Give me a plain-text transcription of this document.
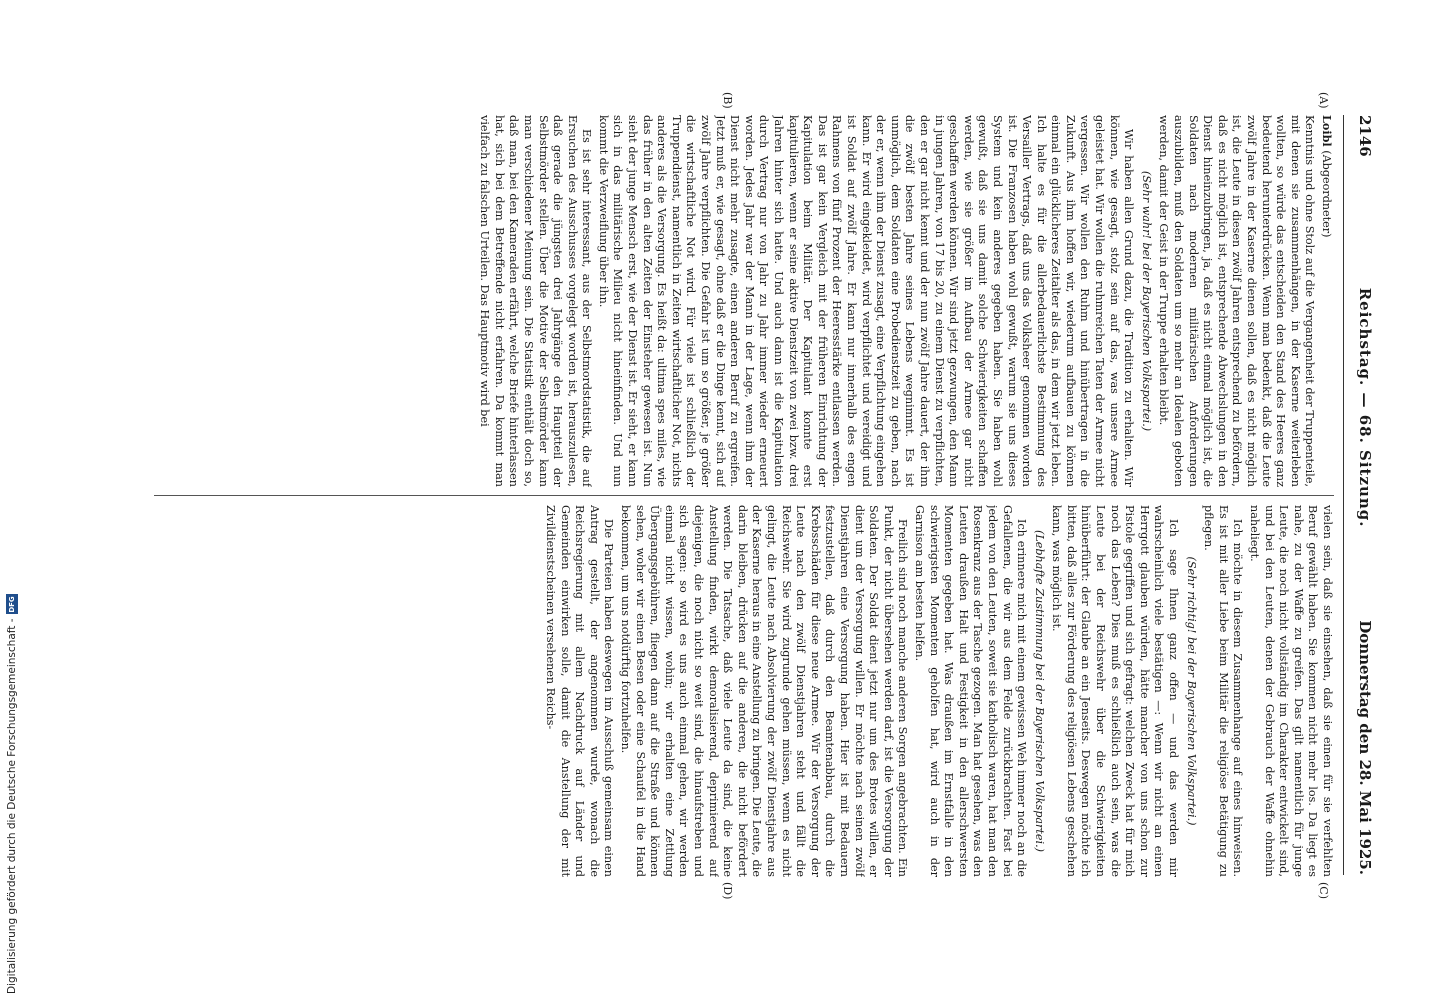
2146
Reichstag. — 68. Sitzung.
Donnerstag den 28. Mai 1925.
(A)
(B)
(C)
(D)

Loibl (Abgeordneter)

Kenntnis und ohne Stolz auf die Vergangenheit der Truppenteile, mit denen sie zusammenhängen, in der Kaserne weiterleben wollten, so würde das entscheiden den Stand des Heeres ganz bedeutend herunterdrücken. Wenn man bedenkt, daß die Leute zwölf Jahre in der Kaserne dienen sollen, daß es nicht möglich ist, die Leute in diesen zwölf Jahren entsprechend zu befördern, daß es nicht möglich ist, entsprechende Abwechslungen in den Dienst hineinzubringen, ja, daß es nicht einmal möglich ist, die Soldaten nach modernen militärischen Anforderungen auszubilden, muß den Soldaten um so mehr an Idealen geboten werden, damit der Geist in der Truppe erhalten bleibt.

(Sehr wahr! bei der Bayerischen Volkspartei.)

Wir haben allen Grund dazu, die Tradition zu erhalten. Wir können, wie gesagt, stolz sein auf das, was unsere Armee geleistet hat. Wir wollen die ruhmreichen Taten der Armee nicht vergessen. Wir wollen den Ruhm und hinübertragen in die Zukunft. Aus ihm hoffen wir, wiederum aufbauen zu können einmal ein glücklicheres Zeitalter als das, in dem wir jetzt leben. Ich halte es für die allerbedauerlichste Bestimmung des Versailler Vertrags, daß uns das Volksheer genommen worden ist. Die Franzosen haben wohl gewußt, warum sie uns dieses System und kein anderes gegeben haben. Sie haben wohl gewußt, daß sie uns damit solche Schwierigkeiten schaffen werden, wie sie größer im Aufbau der Armee gar nicht geschaffen werden können. Wir sind jetzt gezwungen, den Mann in jungen Jahren, von 17 bis 20, zu einem Dienst zu verpflichten, den er gar nicht kennt und der nun zwölf Jahre dauert, der ihm die zwölf besten Jahre seines Lebens wegnimmt. Es ist unmöglich, dem Soldaten eine Probedienstzeit zu geben, nach der er, wenn ihm der Dienst zusagt, eine Verpflichtung eingehen kann. Er wird eingekleidet, wird verpflichtet und vereidigt und ist Soldat auf zwölf Jahre. Er kann nur innerhalb des engen Rahmens von fünf Prozent der Heeresstärke entlassen werden. Das ist gar kein Vergleich mit der früheren Einrichtung der Kapitulation beim Militär. Der Kapitulant konnte erst kapitulieren, wenn er seine aktive Dienstzeit von zwei bzw. drei Jahren hinter sich hatte. Und auch dann ist die Kapitulation durch Vertrag nur von Jahr zu Jahr immer wieder erneuert worden. Jedes Jahr war der Mann in der Lage, wenn ihm der Dienst nicht mehr zusagte, einen anderen Beruf zu ergreifen. Jetzt muß er, wie gesagt, ohne daß er die Dinge kennt, sich auf zwölf Jahre verpflichten. Die Gefahr ist um so größer, je größer die wirtschaftliche Not wird. Für viele ist schließlich der Truppendienst, namentlich in Zeiten wirtschaftlicher Not, nichts anderes als die Versorgung. Es heißt da: ultima spes miles, wie das früher in den alten Zeiten der Einsteher gewesen ist. Nun sieht der junge Mensch erst, wie der Dienst ist. Er sieht, er kann sich in das militärische Milieu nicht hineinfinden. Und nun kommt die Verzweiflung über ihn.

Es ist sehr interessant, aus der Selbstmordstatistik, die auf Ersuchen des Ausschusses vorgelegt worden ist, herauszulesen, daß gerade die jüngsten drei Jahrgänge den Hauptteil der Selbstmörder stellen. Über die Motive der Selbstmörder kann man verschiedener Meinung sein. Die Statistik enthält doch so, daß man, bei den Kameraden erfährt, welche Briefe hinterlassen hat, sich bei dem Betreffende nicht erfahren. Da kommt man vielfach zu falschen Urteilen. Das Hauptmotiv wird bei

vielen sein, daß sie einsehen, daß sie einen für sie verfehlten Beruf gewählt haben. Sie kommen nicht mehr los. Da liegt es nahe, zu der Waffe zu greifen. Das gilt namentlich für junge Leute, die noch nicht vollständig im Charakter entwickelt sind, und bei den Leuten, denen der Gebrauch der Waffe ohnehin naheliegt.

Ich möchte in diesem Zusammenhange auf eines hinweisen. Es ist mit aller Liebe beim Militär die religiöse Betätigung zu pflegen.

(Sehr richtig! bei der Bayerischen Volkspartei.)

Ich sage Ihnen ganz offen — und das werden mir wahrscheinlich viele bestätigen —: Wenn wir nicht an einen Herrgott glauben würden, hätte mancher von uns schon zur Pistole gegriffen und sich gefragt: welchen Zweck hat für mich noch das Leben? Dies muß es schließlich auch sein, was die Leute bei der Reichswehr über die Schwierigkeiten hinüberführt: der Glaube an ein Jenseits. Deswegen möchte ich bitten, daß alles zur Förderung des religiösen Lebens geschehen kann, was möglich ist.

(Lebhafte Zustimmung bei der Bayerischen Volkspartei.)

Ich erinnere mich mit einem gewissen Weh immer noch an die Gefallenen, die wir aus dem Felde zurückbrachten. Fast bei jedem von den Leuten, soweit sie katholisch waren, hat man den Rosenkranz aus der Tasche gezogen. Man hat gesehen, was den Leuten draußen Halt und Festigkeit in den allerschwersten Momenten gegeben hat. Was draußen im Ernstfalle in den schwierigsten Momenten geholfen hat, wird auch in der Garnison am besten helfen.

Freilich sind noch manche anderen Sorgen angebrachten. Ein Punkt, der nicht übersehen werden darf, ist die Versorgung der Soldaten. Der Soldat dient jetzt nur um des Brotes willen, er dient um der Versorgung willen. Er möchte nach seinen zwölf Dienstjahren eine Versorgung haben. Hier ist mit Bedauern festzustellen, daß durch den Beamtenabbau, durch die Krebsschäden für diese neue Armee. Wir der Versorgung der Leute nach den zwölf Dienstjahren steht und fällt die Reichswehr. Sie wird zugrunde gehen müssen, wenn es nicht gelingt, die Leute nach Absolvierung der zwölf Dienstjahre aus der Kaserne heraus in eine Anstellung zu bringen. Die Leute, die darin bleiben, drücken auf die anderen, die nicht befördert werden. Die Tatsache, daß viele Leute da sind, die keine Anstellung finden, wirkt demoralisierend, deprimierend auf diejenigen, die noch nicht so weit sind, die hinaufstreben und sich sagen: so wird es uns auch einmal gehen, wir werden einmal nicht wissen, wohin; wir erhalten eine Zettlung Übergangsgebühren, fliegen dann auf die Straße und können sehen, woher wir einen Besen oder eine Schaufel in die Hand bekommen, um uns notdürftig fortzuhelfen.

Die Parteien haben deswegen im Ausschuß gemeinsam einen Antrag gestellt, der angenommen wurde, wonach die Reichsregierung mit allem Nachdruck auf Länder und Gemeinden einwirken solle, damit die Anstellung der mit Zivildienstscheinen versehenen Reichs-

Digitalisierung gefördert durch die Deutsche Forschungsgemeinschaft -
DFG
